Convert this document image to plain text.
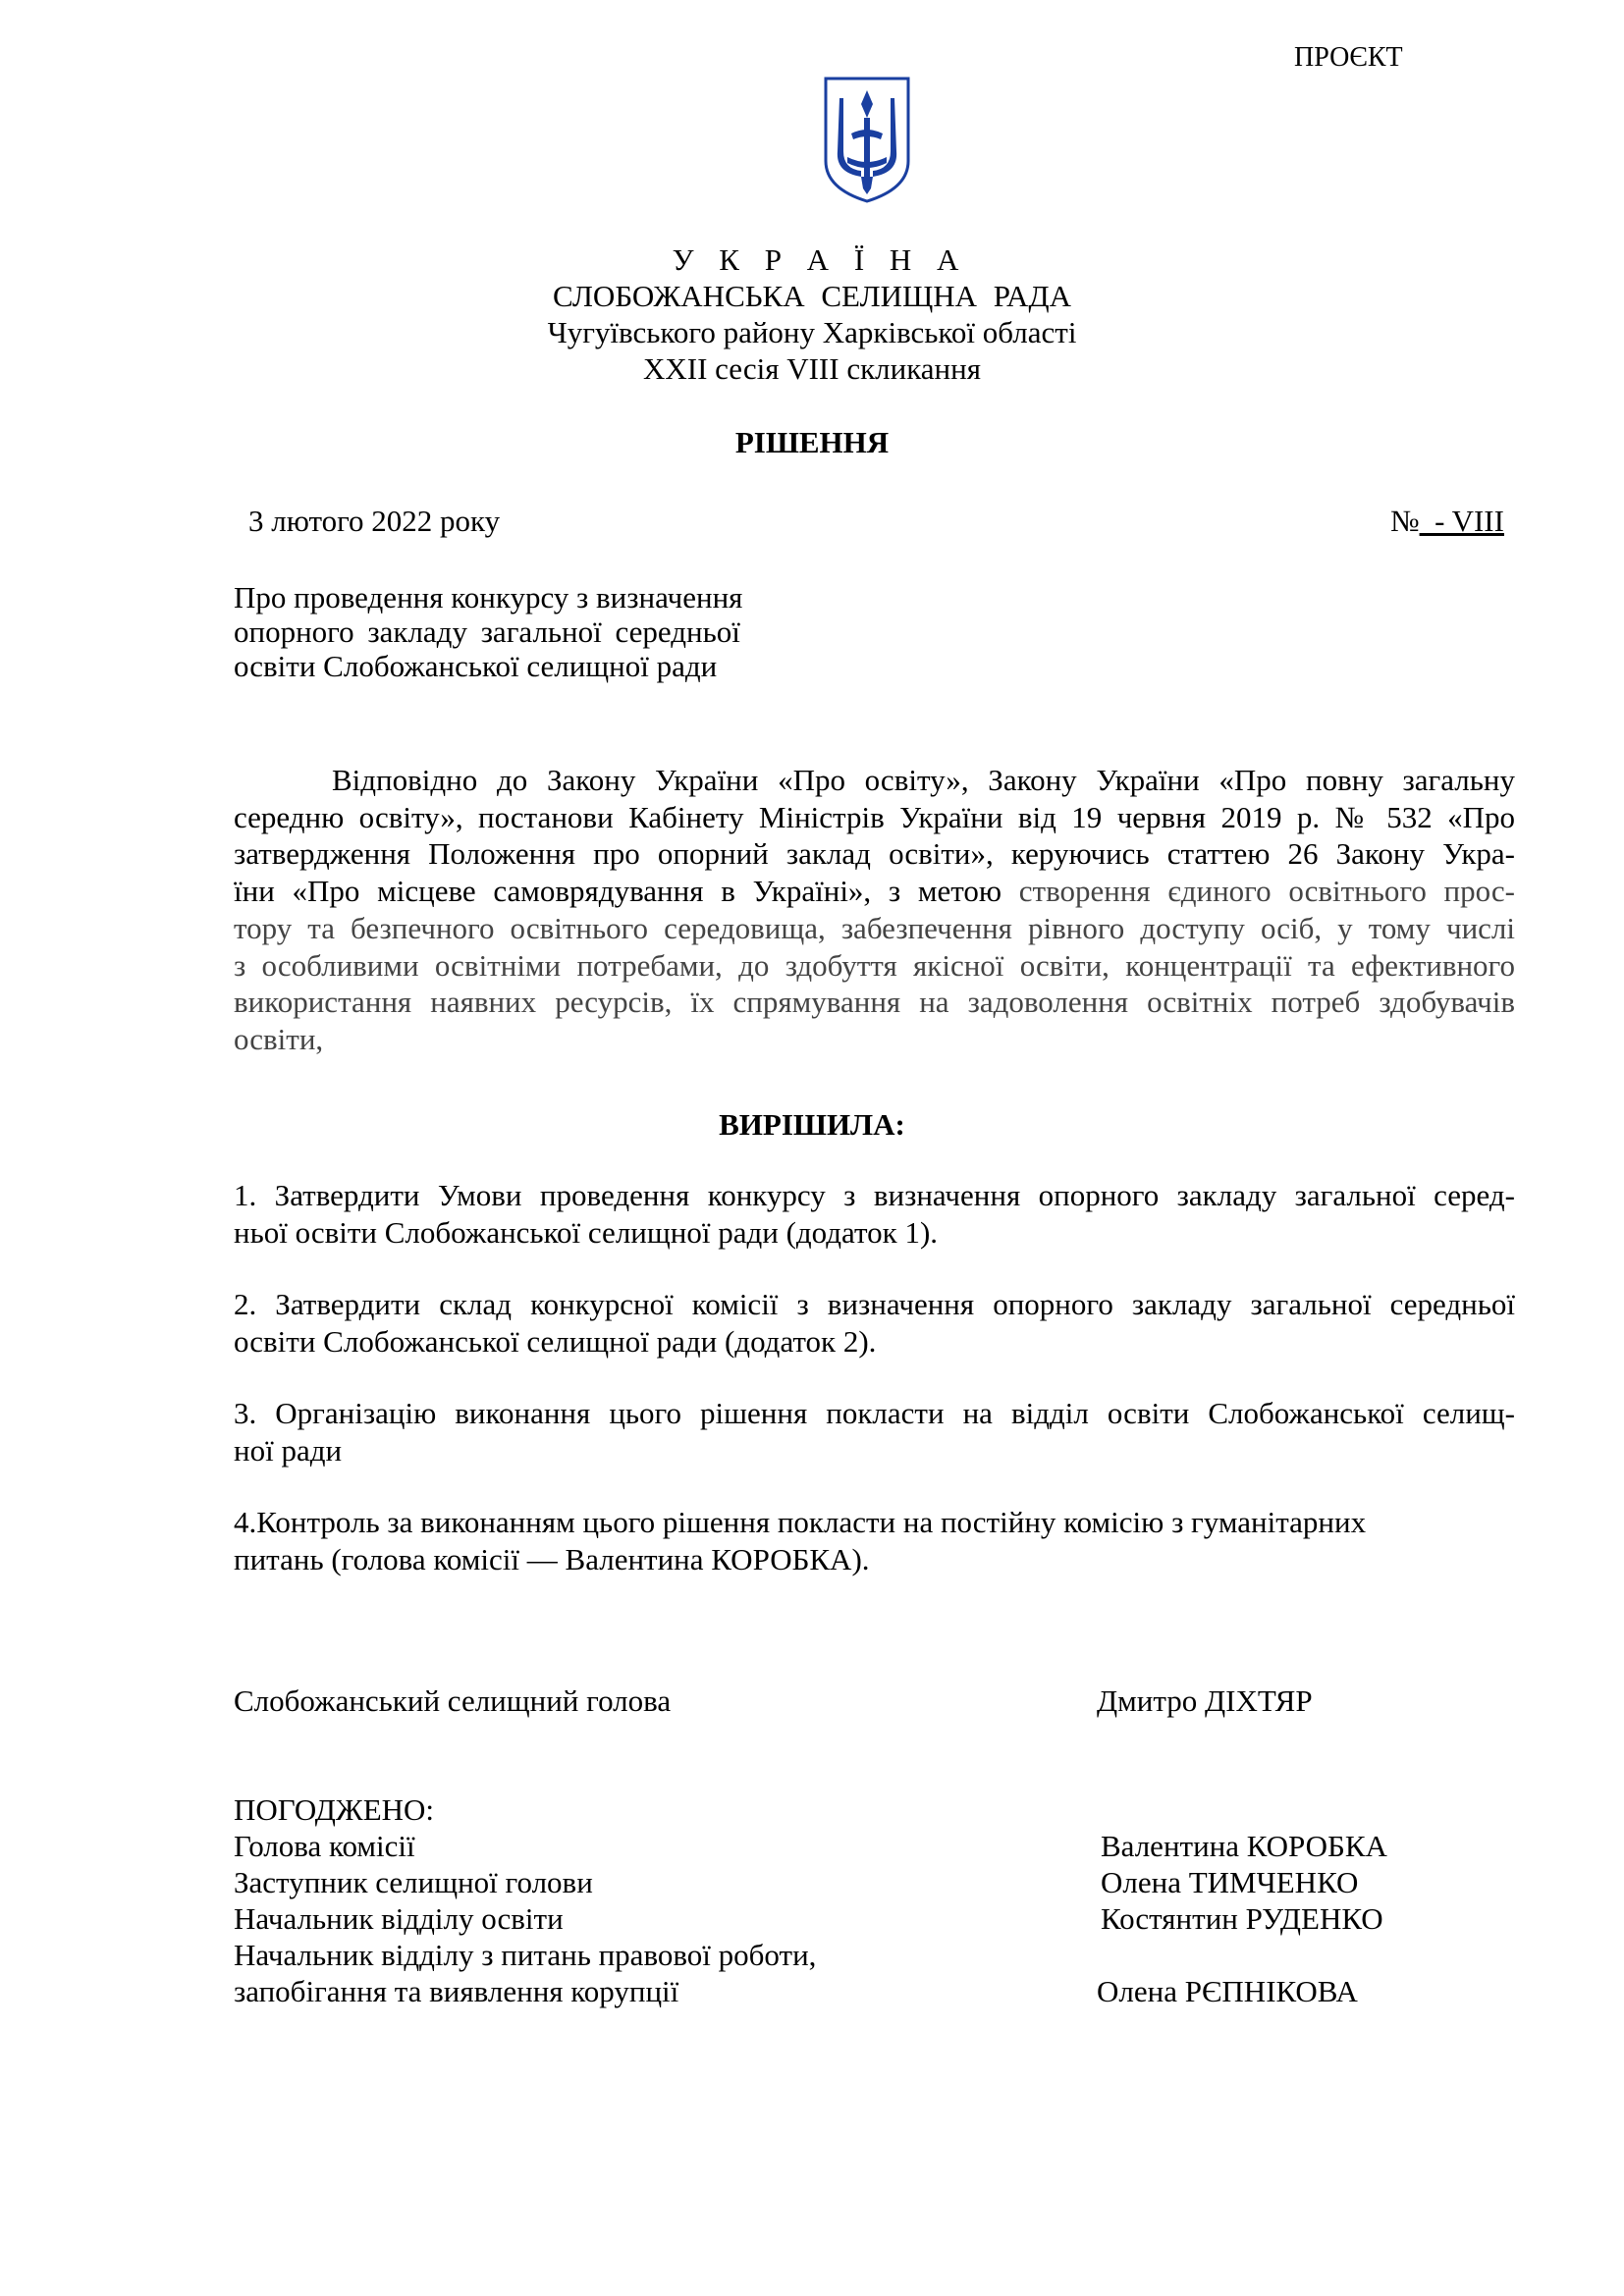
ПРОЄКТ
У К Р А Ї Н А
СЛОБОЖАНСЬКА СЕЛИЩНА РАДА
Чугуївського району Харківської області
XXII сесія VIII скликання
РІШЕННЯ
3 лютого 2022 року	№  - VIII
Про проведення конкурсу з визначення
опорного закладу загальної середньої
освіти Слобожанської селищної ради
Відповідно до Закону України «Про освіту», Закону України «Про повну загальну
середню освіту», постанови Кабінету Міністрів України від 19 червня 2019 р. № 532 «Про
затвердження Положення про опорний заклад освіти», керуючись статтею 26 Закону Укра-
їни «Про місцеве самоврядування в Україні», з метою створення єдиного освітнього прос-
тору та безпечного освітнього середовища, забезпечення рівного доступу осіб, у тому числі
з особливими освітніми потребами, до здобуття якісної освіти, концентрації та ефективного
використання наявних ресурсів, їх спрямування на задоволення освітніх потреб здобувачів
освіти,
ВИРІШИЛА:
1. Затвердити Умови проведення конкурсу з визначення опорного закладу загальної серед-
ньої освіти Слобожанської селищної ради (додаток 1).
2. Затвердити склад конкурсної комісії з визначення опорного закладу загальної середньої
освіти Слобожанської селищної ради (додаток 2).
3. Організацію виконання цього рішення покласти на відділ освіти Слобожанської селищ-
ної ради
4.Контроль за виконанням цього рішення покласти на постійну комісію з гуманітарних
питань (голова комісії — Валентина КОРОБКА).
Слобожанський селищний голова	Дмитро ДІХТЯР
ПОГОДЖЕНО:
Голова комісії	Валентина КОРОБКА
Заступник селищної голови	Олена ТИМЧЕНКО
Начальник відділу освіти	Костянтин РУДЕНКО
Начальник відділу з питань правової роботи,
запобігання та виявлення корупції	Олена РЄПНІКОВА
